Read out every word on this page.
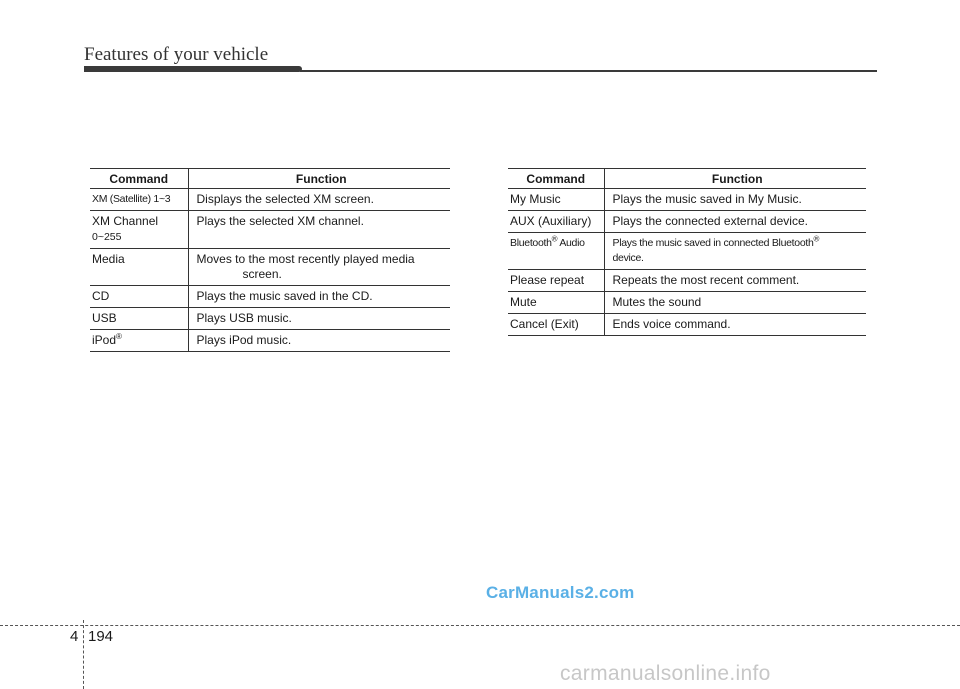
Features of your vehicle
Command	Function
XM (Satellite) 1~3	Displays the selected XM screen.
XM Channel
0~255	Plays the selected XM channel.
Media	Moves to the most recently played media
screen.

CD	Plays the music saved in the CD.
USB	Plays USB music.
iPod®	Plays iPod music.
Command	Function
My Music	Plays the music saved in My Music.
AUX (Auxiliary)	Plays the connected external device.
Bluetooth® Audio	Plays the music saved in connected Bluetooth®
device.

Please repeat	Repeats the most recent comment.
Mute	Mutes the sound
Cancel (Exit)	Ends voice command.
CarManuals2.com
4 194
carmanualsonline.info
